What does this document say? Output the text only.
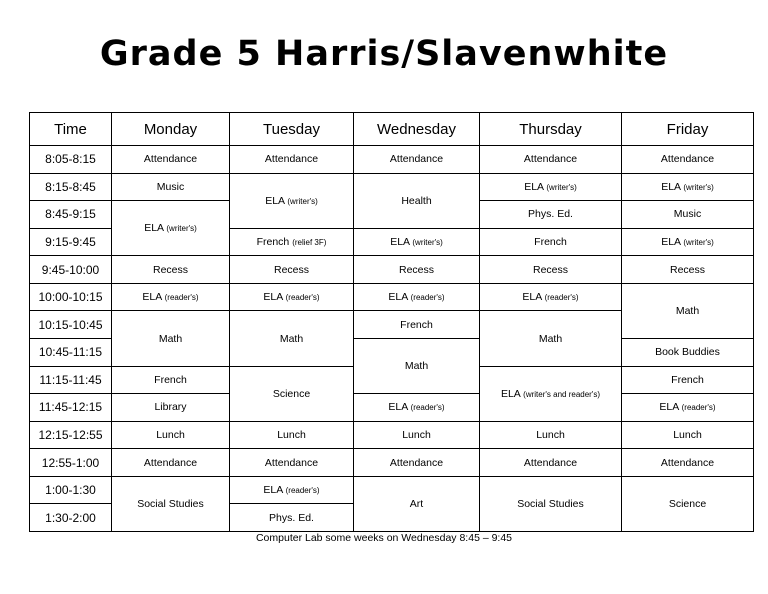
Grade 5 Harris/Slavenwhite
Time	Monday	Tuesday	Wednesday	Thursday	Friday
8:05-8:15	Attendance	Attendance	Attendance	Attendance	Attendance
8:15-8:45	Music	ELA (writer's)	Health	ELA (writer's)	ELA (writer's)
8:45-9:15	ELA (writer's)			Phys. Ed.	Music
9:15-9:45		French (relief 3F)	ELA (writer's)	French	ELA (writer's)
9:45-10:00	Recess	Recess	Recess	Recess	Recess
10:00-10:15	ELA (reader's)	ELA (reader's)	ELA (reader's)	ELA (reader's)	Math
10:15-10:45	Math	Math	French	Math	
10:45-11:15			Math		Book Buddies
11:15-11:45	French	Science		ELA (writer's and reader's)	French
11:45-12:15	Library		ELA (reader's)		ELA (reader's)
12:15-12:55	Lunch	Lunch	Lunch	Lunch	Lunch
12:55-1:00	Attendance	Attendance	Attendance	Attendance	Attendance
1:00-1:30	Social Studies	ELA (reader's)	Art	Social Studies	Science
1:30-2:00		Phys. Ed.			
Computer Lab some weeks on Wednesday 8:45 – 9:45
